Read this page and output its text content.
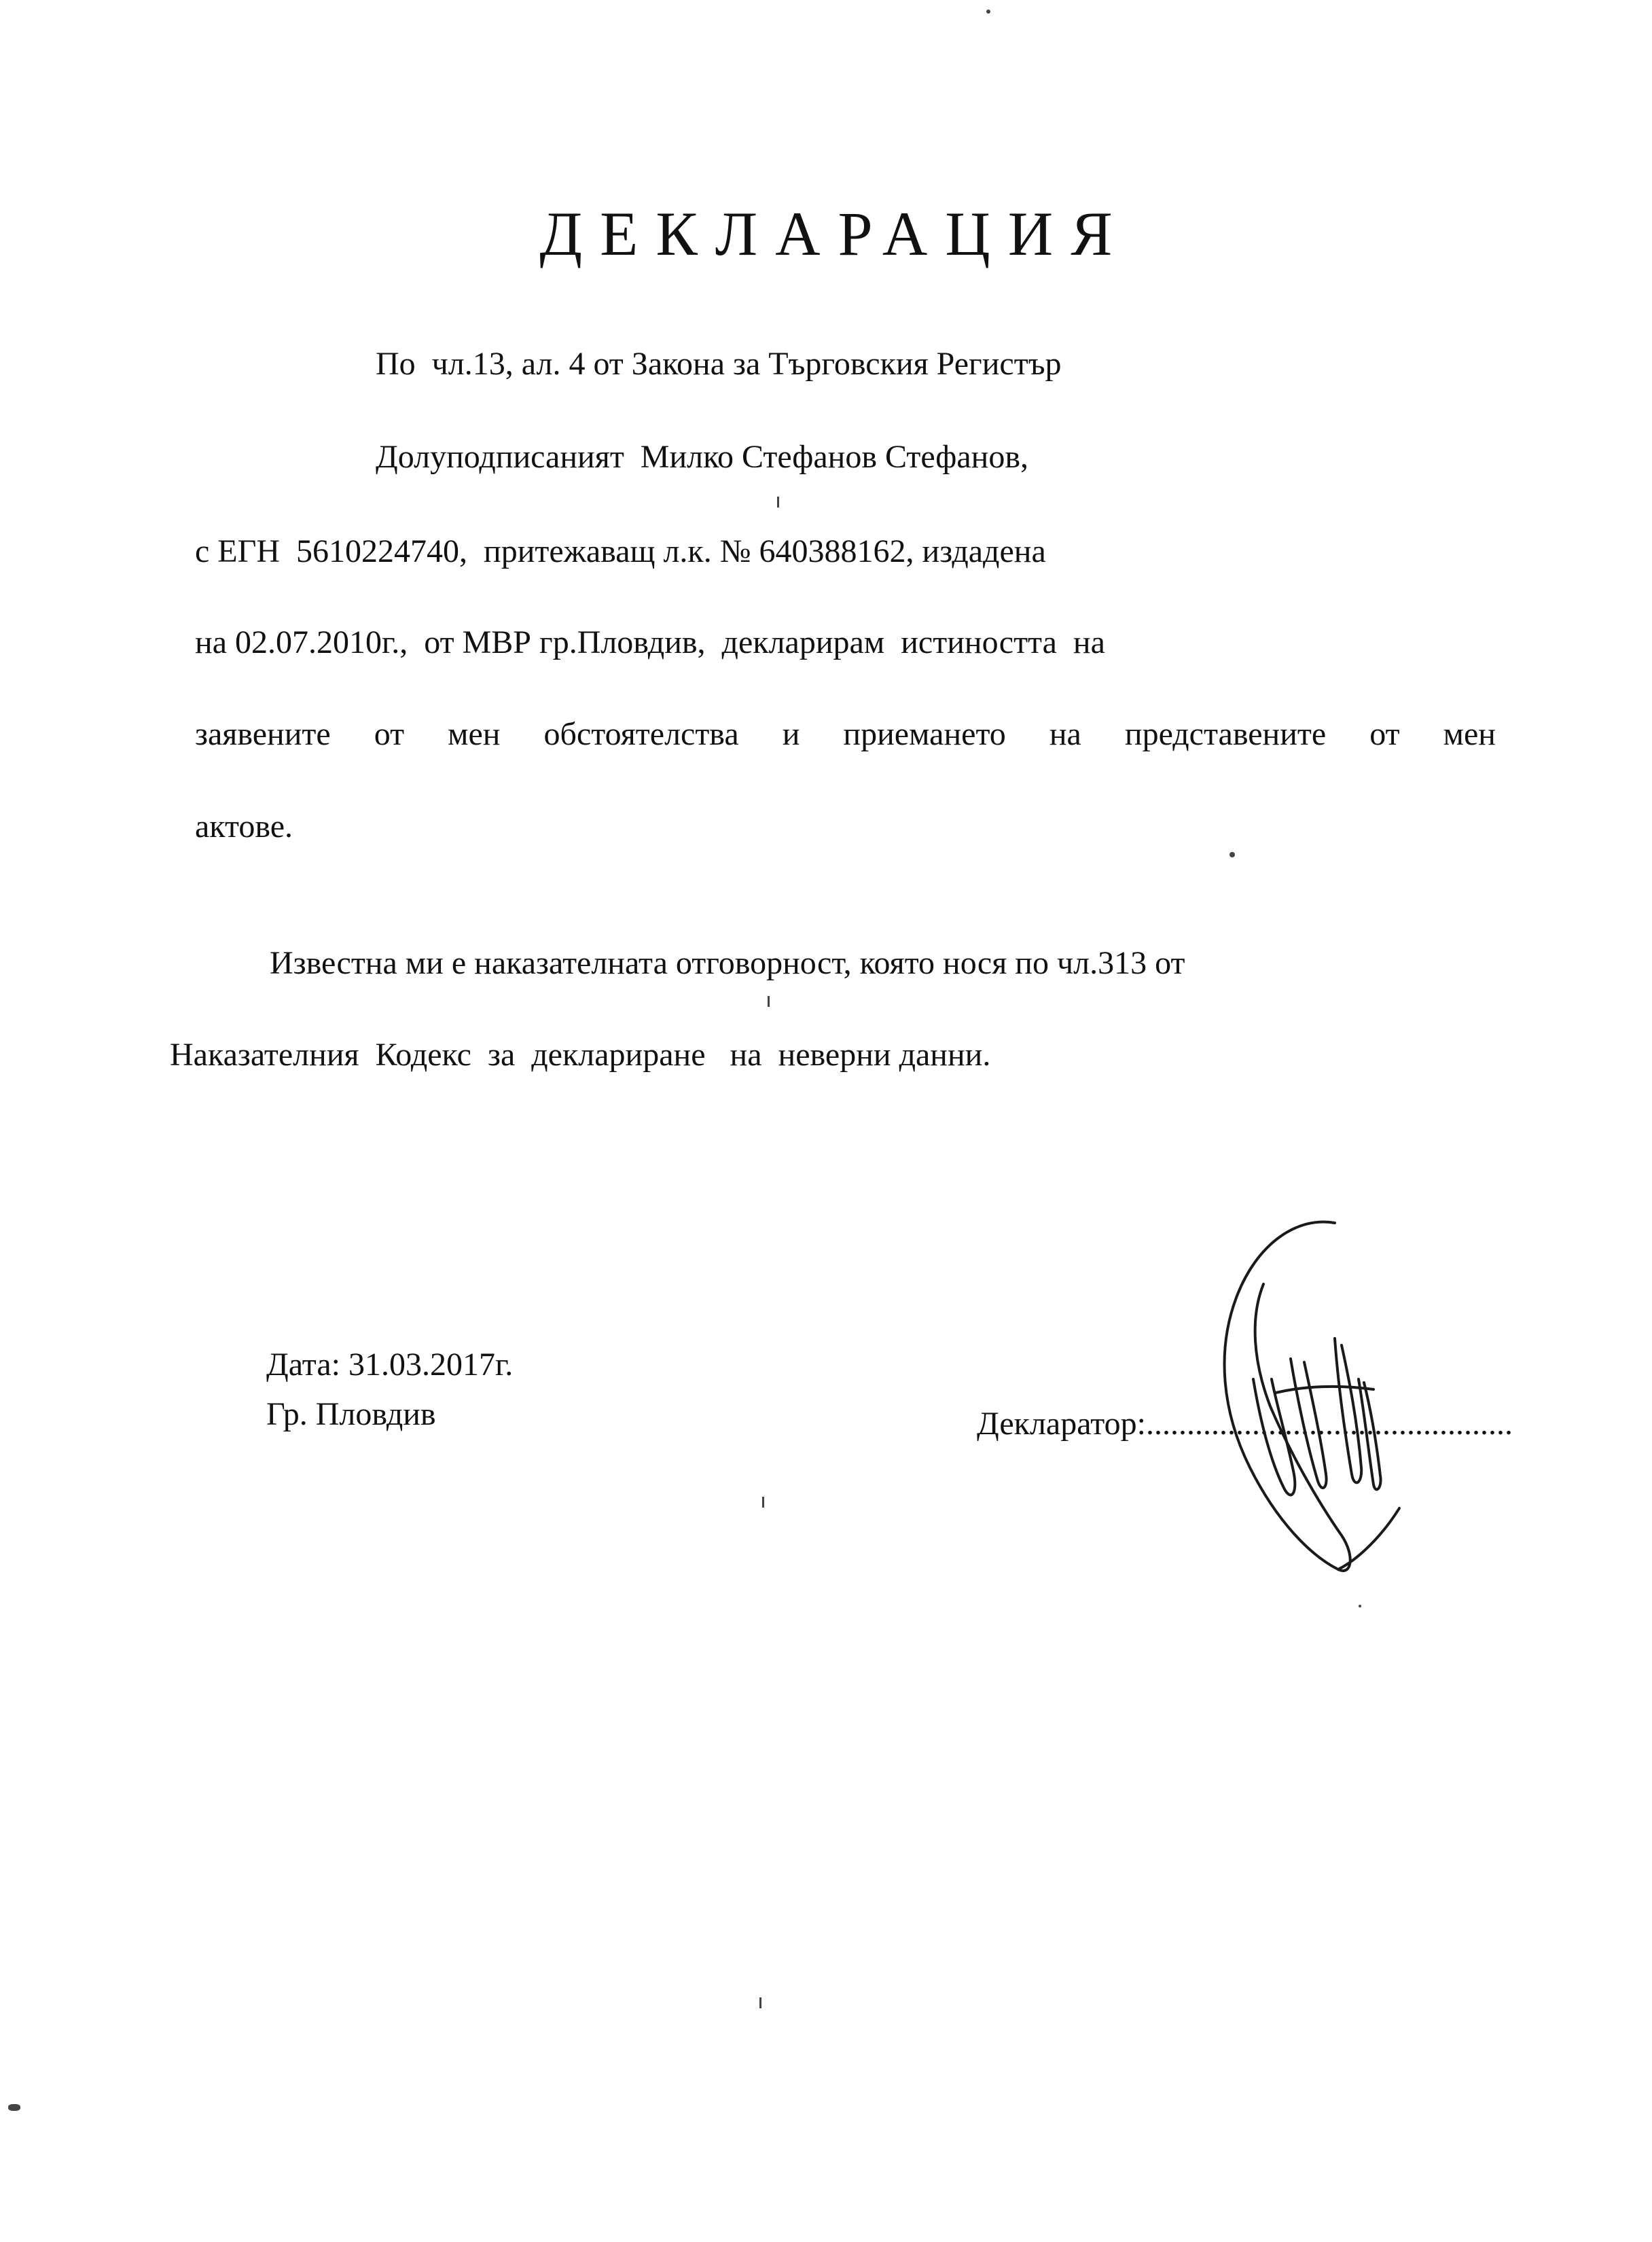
ДЕКЛАРАЦИЯ
По  чл.13, ал. 4 от Закона за Търговския Регистър
Долуподписаният  Милко Стефанов Стефанов,
с ЕГН  5610224740,  притежаващ л.к. № 640388162, издадена
на 02.07.2010г.,  от МВР гр.Пловдив,  декларирам  истиността  на
заявените от мен обстоятелства и приемането на представените от мен
актове.
Известна ми е наказателната отговорност, която нося по чл.313 от
Наказателния  Кодекс  за  деклариране   на  неверни данни.
Дата: 31.03.2017г.
Гр. Пловдив	Декларатор:.............................................
